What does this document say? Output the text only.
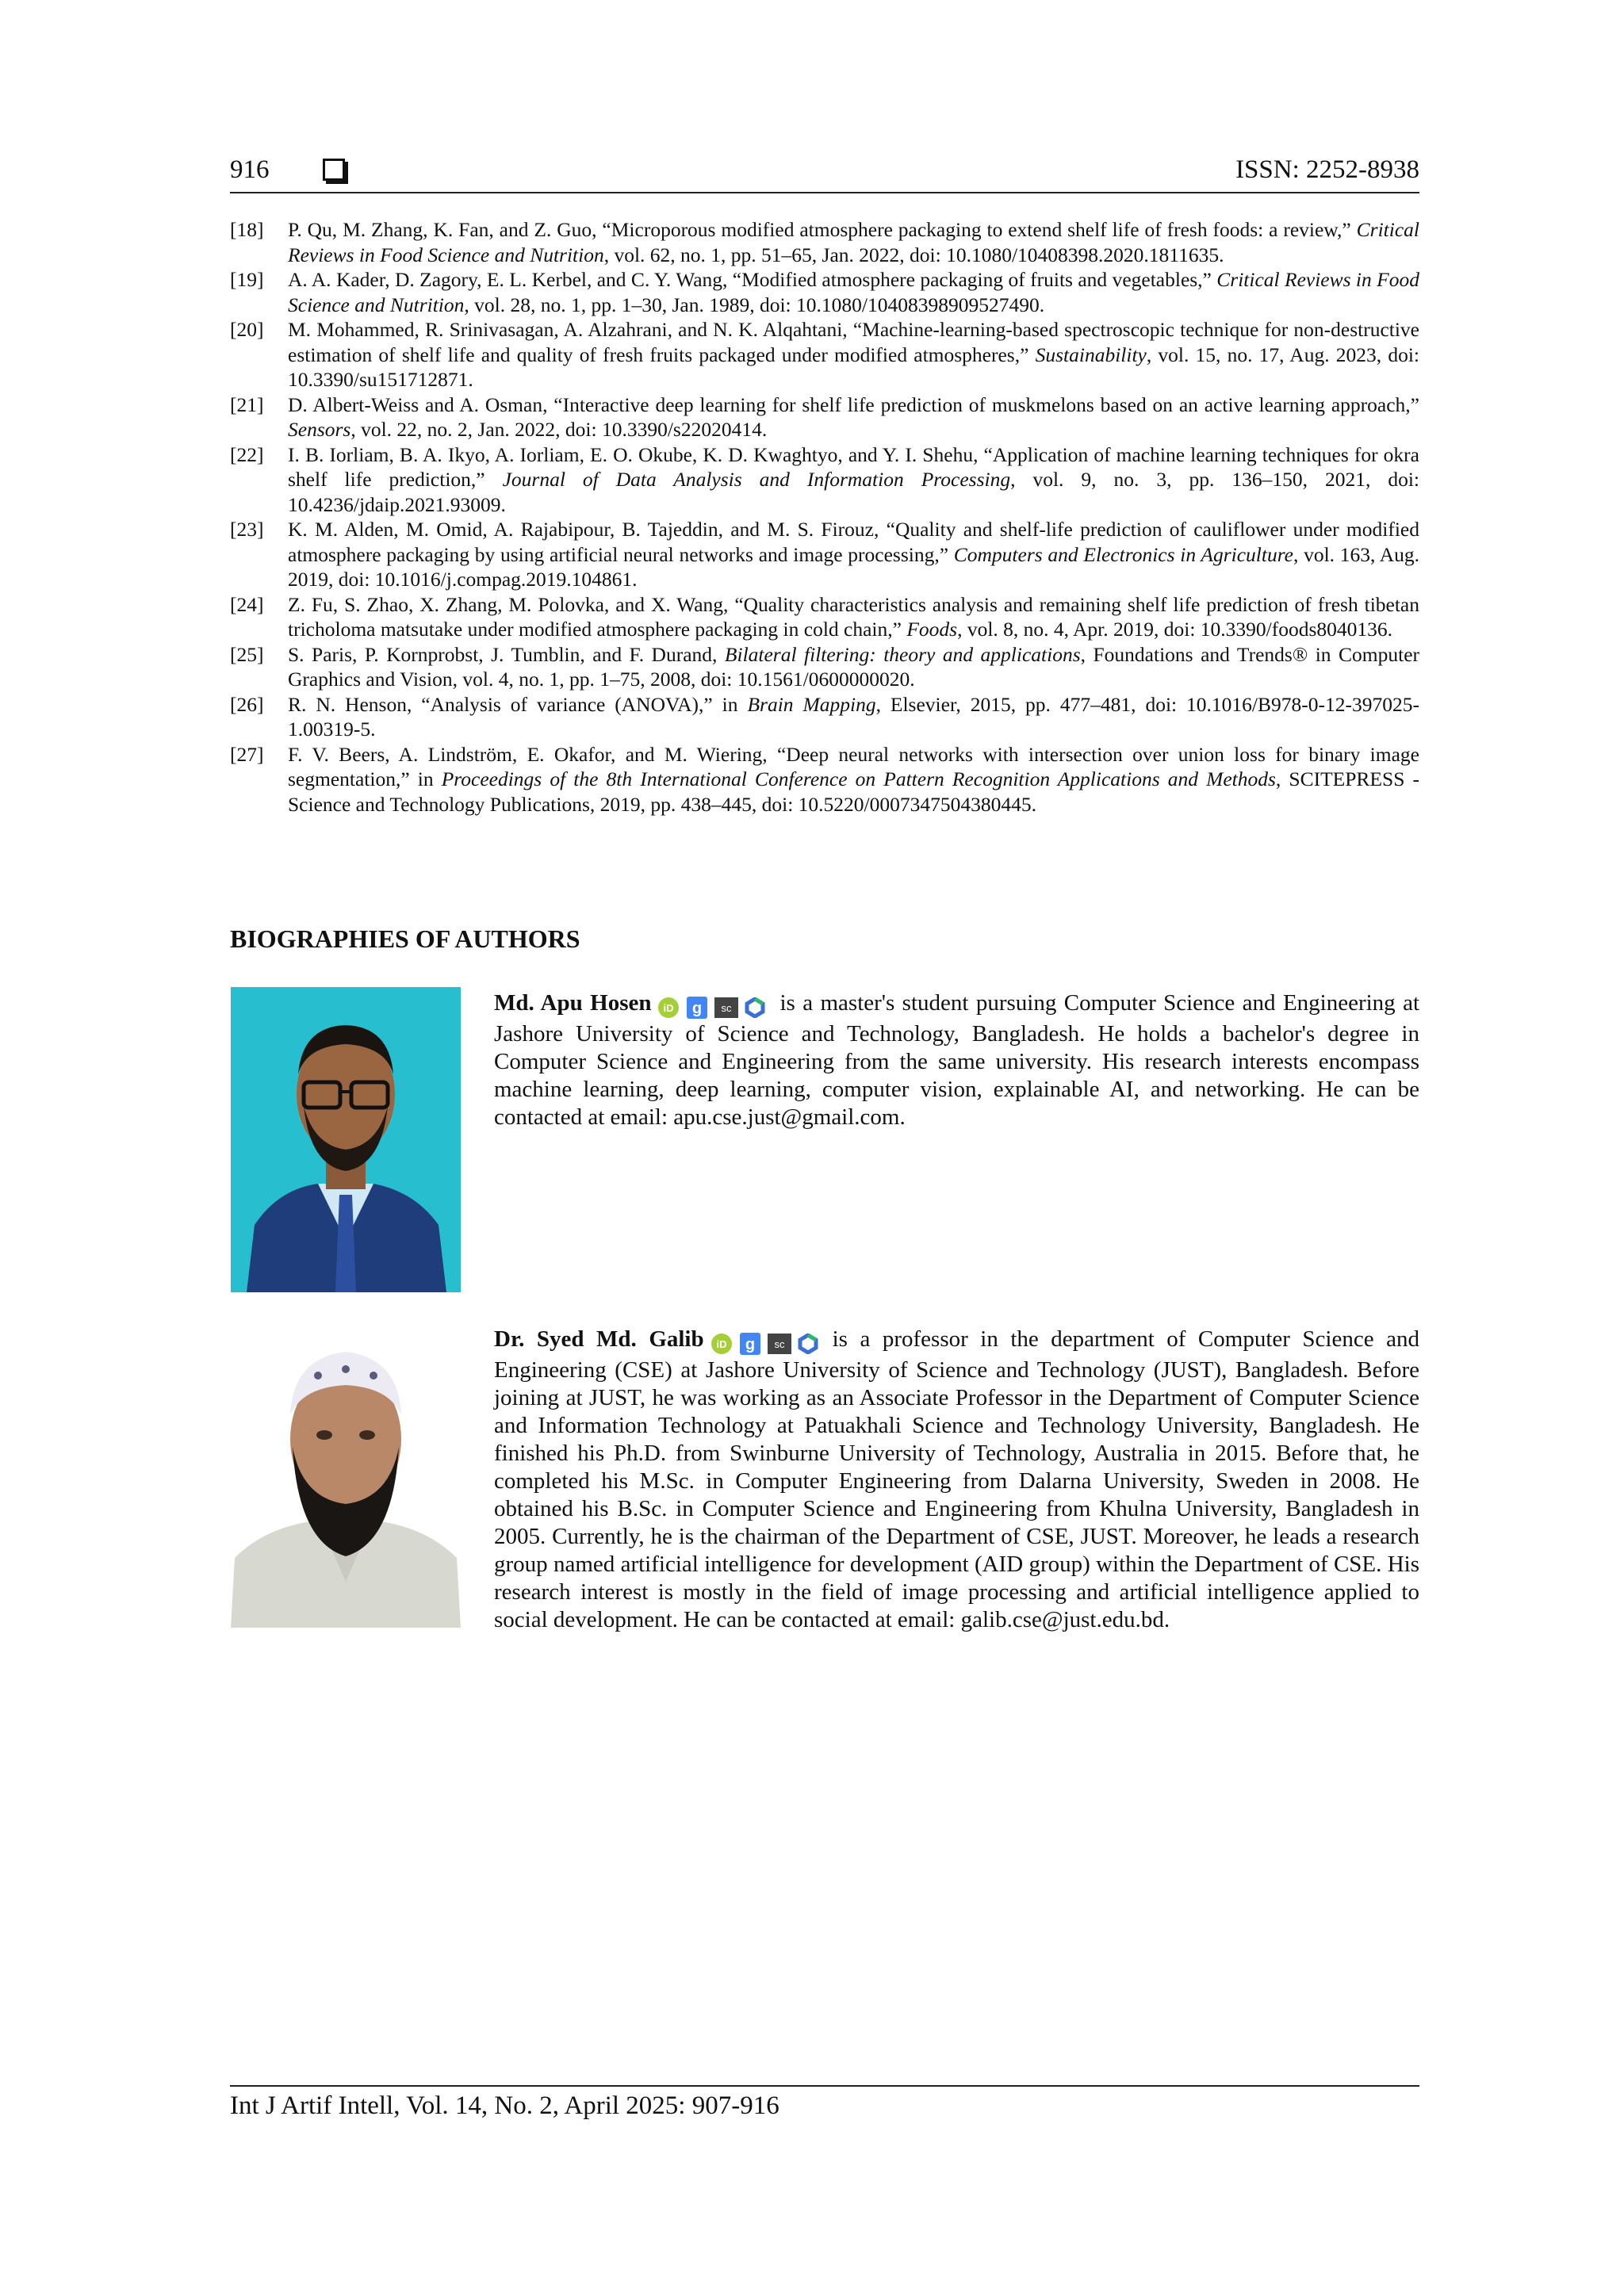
916	ISSN: 2252-8938
[18]	P. Qu, M. Zhang, K. Fan, and Z. Guo, “Microporous modified atmosphere packaging to extend shelf life of fresh foods: a review,” Critical Reviews in Food Science and Nutrition, vol. 62, no. 1, pp. 51–65, Jan. 2022, doi: 10.1080/10408398.2020.1811635.
[19]	A. A. Kader, D. Zagory, E. L. Kerbel, and C. Y. Wang, “Modified atmosphere packaging of fruits and vegetables,” Critical Reviews in Food Science and Nutrition, vol. 28, no. 1, pp. 1–30, Jan. 1989, doi: 10.1080/10408398909527490.
[20]	M. Mohammed, R. Srinivasagan, A. Alzahrani, and N. K. Alqahtani, “Machine-learning-based spectroscopic technique for non-destructive estimation of shelf life and quality of fresh fruits packaged under modified atmospheres,” Sustainability, vol. 15, no. 17, Aug. 2023, doi: 10.3390/su151712871.
[21]	D. Albert-Weiss and A. Osman, “Interactive deep learning for shelf life prediction of muskmelons based on an active learning approach,” Sensors, vol. 22, no. 2, Jan. 2022, doi: 10.3390/s22020414.
[22]	I. B. Iorliam, B. A. Ikyo, A. Iorliam, E. O. Okube, K. D. Kwaghtyo, and Y. I. Shehu, “Application of machine learning techniques for okra shelf life prediction,” Journal of Data Analysis and Information Processing, vol. 9, no. 3, pp. 136–150, 2021, doi: 10.4236/jdaip.2021.93009.
[23]	K. M. Alden, M. Omid, A. Rajabipour, B. Tajeddin, and M. S. Firouz, “Quality and shelf-life prediction of cauliflower under modified atmosphere packaging by using artificial neural networks and image processing,” Computers and Electronics in Agriculture, vol. 163, Aug. 2019, doi: 10.1016/j.compag.2019.104861.
[24]	Z. Fu, S. Zhao, X. Zhang, M. Polovka, and X. Wang, “Quality characteristics analysis and remaining shelf life prediction of fresh tibetan tricholoma matsutake under modified atmosphere packaging in cold chain,” Foods, vol. 8, no. 4, Apr. 2019, doi: 10.3390/foods8040136.
[25]	S. Paris, P. Kornprobst, J. Tumblin, and F. Durand, Bilateral filtering: theory and applications, Foundations and Trends® in Computer Graphics and Vision, vol. 4, no. 1, pp. 1–75, 2008, doi: 10.1561/0600000020.
[26]	R. N. Henson, “Analysis of variance (ANOVA),” in Brain Mapping, Elsevier, 2015, pp. 477–481, doi: 10.1016/B978-0-12-397025-1.00319-5.
[27]	F. V. Beers, A. Lindström, E. Okafor, and M. Wiering, “Deep neural networks with intersection over union loss for binary image segmentation,” in Proceedings of the 8th International Conference on Pattern Recognition Applications and Methods, SCITEPRESS - Science and Technology Publications, 2019, pp. 438–445, doi: 10.5220/0007347504380445.
BIOGRAPHIES OF AUTHORS
Md. Apu Hosen iD g sc is a master's student pursuing Computer Science and Engineering at Jashore University of Science and Technology, Bangladesh. He holds a bachelor's degree in Computer Science and Engineering from the same university. His research interests encompass machine learning, deep learning, computer vision, explainable AI, and networking. He can be contacted at email: apu.cse.just@gmail.com.
Dr. Syed Md. Galib iD g sc is a professor in the department of Computer Science and Engineering (CSE) at Jashore University of Science and Technology (JUST), Bangladesh. Before joining at JUST, he was working as an Associate Professor in the Department of Computer Science and Information Technology at Patuakhali Science and Technology University, Bangladesh. He finished his Ph.D. from Swinburne University of Technology, Australia in 2015. Before that, he completed his M.Sc. in Computer Engineering from Dalarna University, Sweden in 2008. He obtained his B.Sc. in Computer Science and Engineering from Khulna University, Bangladesh in 2005. Currently, he is the chairman of the Department of CSE, JUST. Moreover, he leads a research group named artificial intelligence for development (AID group) within the Department of CSE. His research interest is mostly in the field of image processing and artificial intelligence applied to social development. He can be contacted at email: galib.cse@just.edu.bd.
Int J Artif Intell, Vol. 14, No. 2, April 2025: 907-916
